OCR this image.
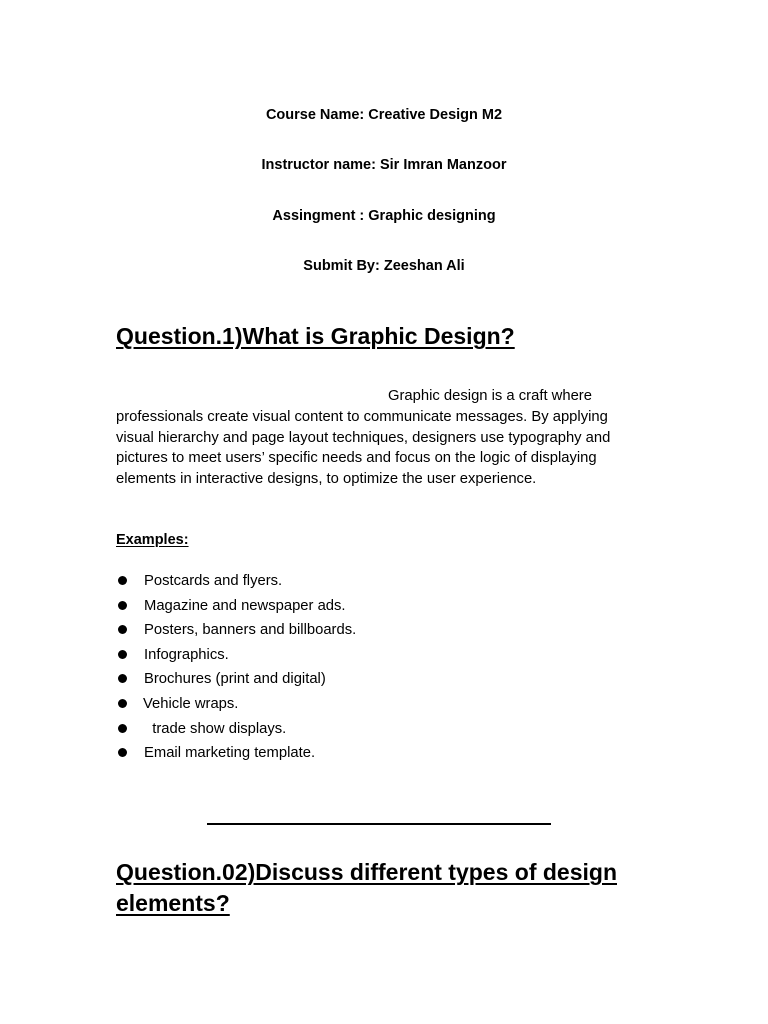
Course Name: Creative Design M2
Instructor name: Sir Imran Manzoor
Assingment : Graphic designing
Submit By: Zeeshan Ali
Question.1)What is Graphic Design?

Graphic design is a craft where professionals create visual content to communicate messages. By applying visual hierarchy and page layout techniques, designers use typography and pictures to meet users’ specific needs and focus on the logic of displaying elements in interactive designs, to optimize the user experience.

Examples:
Postcards and flyers.
Magazine and newspaper ads.
Posters, banners and billboards.
Infographics.
Brochures (print and digital)
Vehicle wraps.
trade show displays.
Email marketing template.
Question.02)Discuss different types of design elements?
